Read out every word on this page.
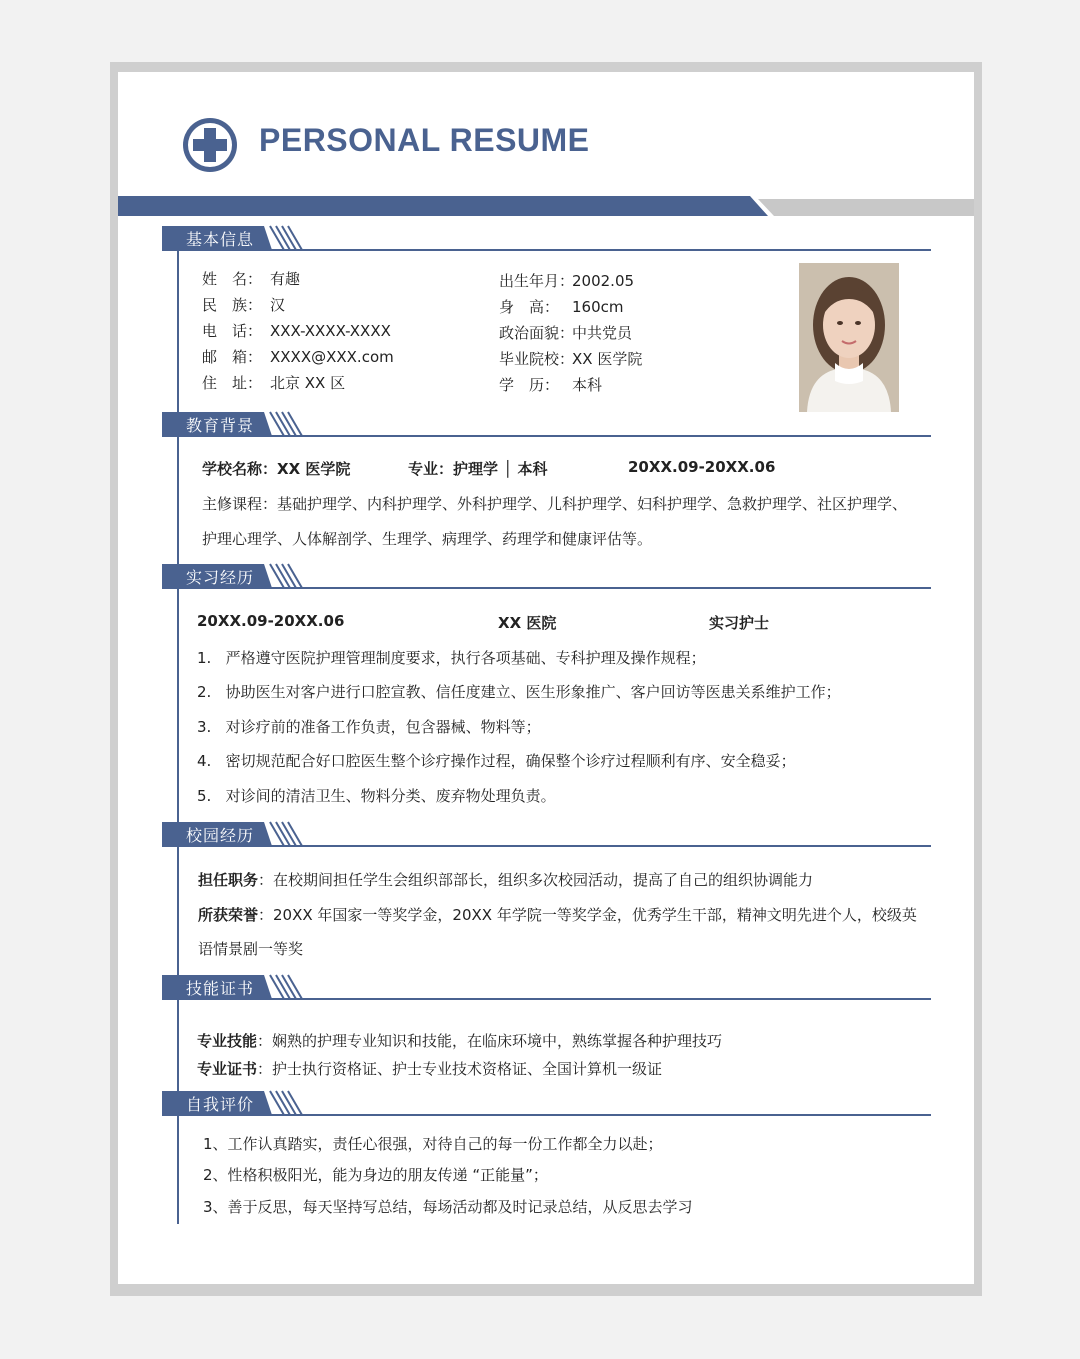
PERSONAL RESUME
基本信息
姓　名： 有趣
民　族： 汉
电　话： XXX-XXXX-XXXX
邮　箱： XXXX@XXX.com
住　址： 北京 XX 区
出生年月：2002.05
身　高： 160cm
政治面貌：中共党员
毕业院校：XX 医学院
学　历： 本科
教育背景
学校名称：XX 医学院	专业：护理学 │ 本科	20XX.09-20XX.06
主修课程：基础护理学、内科护理学、外科护理学、儿科护理学、妇科护理学、急救护理学、社区护理学、
护理心理学、人体解剖学、生理学、病理学、药理学和健康评估等。
实习经历
20XX.09-20XX.06	XX 医院	实习护士
1. 严格遵守医院护理管理制度要求，执行各项基础、专科护理及操作规程；
2. 协助医生对客户进行口腔宣教、信任度建立、医生形象推广、客户回访等医患关系维护工作；
3. 对诊疗前的准备工作负责，包含器械、物料等；
4. 密切规范配合好口腔医生整个诊疗操作过程，确保整个诊疗过程顺利有序、安全稳妥；
5. 对诊间的清洁卫生、物料分类、废弃物处理负责。
校园经历
担任职务：在校期间担任学生会组织部部长，组织多次校园活动，提高了自己的组织协调能力
所获荣誉：20XX 年国家一等奖学金，20XX 年学院一等奖学金，优秀学生干部，精神文明先进个人，校级英
语情景剧一等奖
技能证书
专业技能：娴熟的护理专业知识和技能，在临床环境中，熟练掌握各种护理技巧
专业证书：护士执行资格证、护士专业技术资格证、全国计算机一级证
自我评价
1、工作认真踏实，责任心很强，对待自己的每一份工作都全力以赴；
2、性格积极阳光，能为身边的朋友传递 “正能量”；
3、善于反思，每天坚持写总结，每场活动都及时记录总结，从反思去学习
